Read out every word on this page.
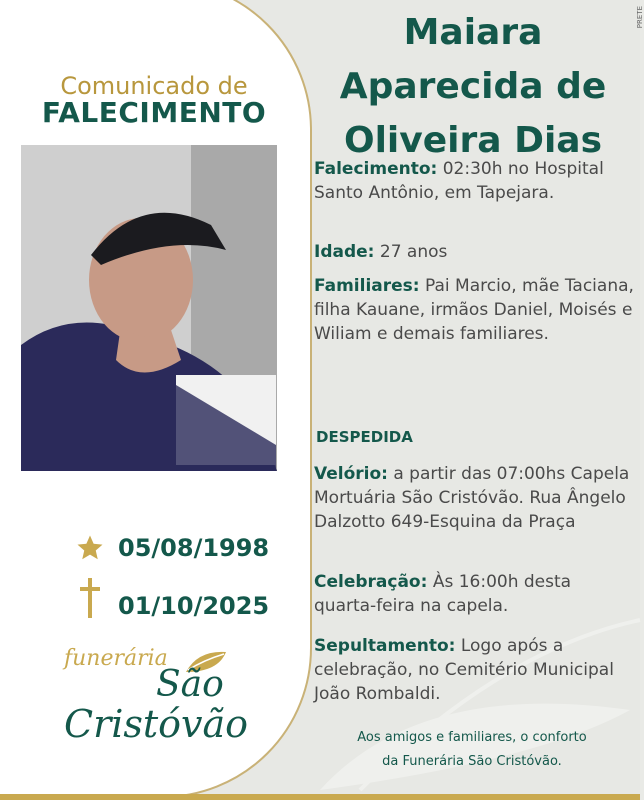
PRETE
Comunicado de
FALECIMENTO
05/08/1998
01/10/2025
funerária
São
Cristóvão
Maiara
Aparecida de
Oliveira Dias
Falecimento: 02:30h no Hospital Santo Antônio, em Tapejara.
Idade: 27 anos
Familiares: Pai Marcio, mãe Taciana, filha Kauane, irmãos Daniel, Moisés e Wiliam e demais familiares.
DESPEDIDA
Velório: a partir das 07:00hs Capela Mortuária São Cristóvão. Rua Ângelo Dalzotto 649-Esquina da Praça
Celebração: Às 16:00h desta quarta-feira na capela.
Sepultamento: Logo após a celebração, no Cemitério Municipal João Rombaldi.
Aos amigos e familiares, o conforto
da Funerária São Cristóvão.
